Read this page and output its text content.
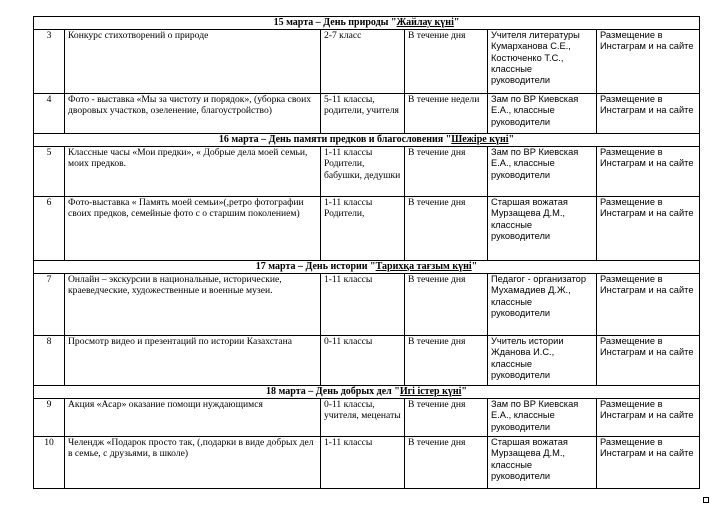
15 марта – День природы "Жайлау күні"					
3	Конкурс стихотворений о природе	2-7 класс	В течение дня	Учителя литературы Кумарханова С.Е., Костюченко Т.С., классные руководители	Размещение в Инстаграм и на сайте
4	Фото - выставка «Мы за чистоту и порядок», (уборка своих дворовых участков, озеленение, благоустройство)	5-11 классы, родители, учителя	В течение недели	Зам по ВР Киевская Е.А., классные руководители	Размещение в Инстаграм и на сайте
16 марта – День памяти предков и благословения "Шежіре күні"					
5	Классные часы «Мои предки», « Добрые дела моей семьи, моих предков.	1-11 классы Родители, бабушки, дедушки	В течение дня	Зам по ВР Киевская Е.А., классные руководители	Размещение в Инстаграм и на сайте
6	Фото-выставка « Память моей семьи»(,ретро фотографии своих предков, семейные фото с о старшим поколением)	1-11 классы Родители,	В течение дня	Старшая вожатая Мурзащева Д.М., классные руководители	Размещение в Инстаграм и на сайте
17 марта – День истории "Тарихқа тағзым күні"					
7	Онлайн – экскурсии в национальные, исторические, краеведческие, художественные и военные музеи.	1-11 классы	В течение дня	Педагог - организатор Мухамадиев Д.Ж., классные руководители	Размещение в Инстаграм и на сайте
8	Просмотр видео и презентаций по истории Казахстана	0-11 классы	В течение дня	Учитель истории Жданова И.С., классные руководители	Размещение в Инстаграм и на сайте
18 марта – День добрых дел "Игі істер күні"					
9	Акция «Асар» оказание помощи нуждающимся	0-11 классы, учителя, меценаты	В течение дня	Зам по ВР Киевская Е.А., классные руководители	Размещение в Инстаграм и на сайте
10	Челендж «Подарок просто так, (,подарки в виде добрых дел в семье, с друзьями, в школе)	1-11 классы	В течение дня	Старшая вожатая Мурзащева Д.М., классные руководители	Размещение в Инстаграм и на сайте
